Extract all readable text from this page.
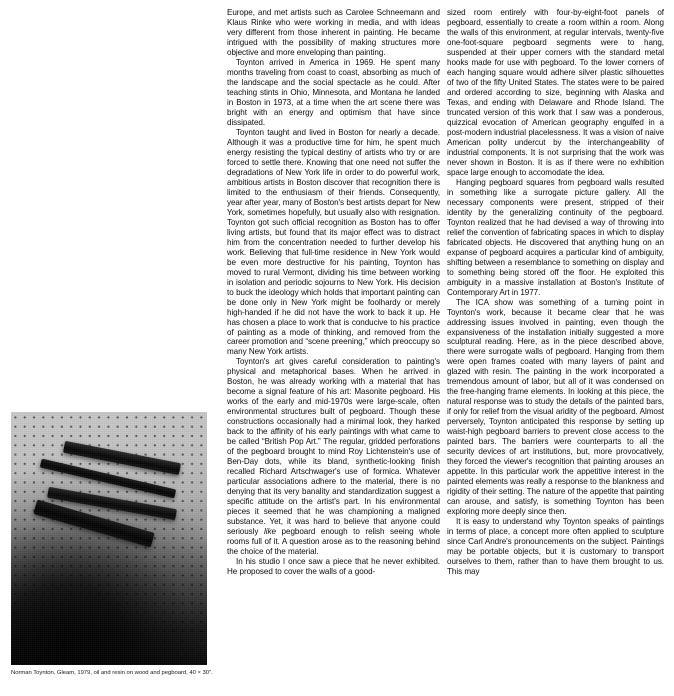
Norman Toynton, Gleam, 1979, oil and resin on wood and pegboard, 40 × 30".

Europe, and met artists such as Carolee Schneemann and Klaus Rinke who were working in media, and with ideas very different from those inherent in painting. He became intrigued with the possibility of making structures more objective and more enveloping than painting.

Toynton arrived in America in 1969. He spent many months traveling from coast to coast, absorbing as much of the landscape and the social spectacle as he could. After teaching stints in Ohio, Minnesota, and Montana he landed in Boston in 1973, at a time when the art scene there was bright with an energy and optimism that have since dissipated.

Toynton taught and lived in Boston for nearly a decade. Although it was a productive time for him, he spent much energy resisting the typical destiny of artists who try or are forced to settle there. Knowing that one need not suffer the degradations of New York life in order to do powerful work, ambitious artists in Boston discover that recognition there is limited to the enthusiasm of their friends. Consequently, year after year, many of Boston's best artists depart for New York, sometimes hopefully, but usually also with resignation. Toynton got such official recognition as Boston has to offer living artists, but found that its major effect was to distract him from the concentration needed to further develop his work. Believing that full-time residence in New York would be even more destructive for his painting, Toynton has moved to rural Vermont, dividing his time between working in isolation and periodic sojourns to New York. His decision to buck the ideology which holds that important painting can be done only in New York might be foolhardy or merely high-handed if he did not have the work to back it up. He has chosen a place to work that is conducive to his practice of painting as a mode of thinking, and removed from the career promotion and “scene preening,” which preoccupy so many New York artists.

Toynton's art gives careful consideration to painting's physical and metaphorical bases. When he arrived in Boston, he was already working with a material that has become a signal feature of his art: Masonite pegboard. His works of the early and mid-1970s were large-scale, often environmental structures built of pegboard. Though these constructions occasionally had a minimal look, they harked back to the affinity of his early paintings with what came to be called “British Pop Art.” The regular, gridded perforations of the pegboard brought to mind Roy Lichtenstein's use of Ben-Day dots, while its bland, synthetic-looking finish recalled Richard Artschwager's use of formica. Whatever particular associations adhere to the material, there is no denying that its very banality and standardization suggest a specific attitude on the artist's part. In his environmental pieces it seemed that he was championing a maligned substance. Yet, it was hard to believe that anyone could seriously like pegboard enough to relish seeing whole rooms full of it. A question arose as to the reasoning behind the choice of the material.

In his studio I once saw a piece that he never exhibited. He proposed to cover the walls of a good-

sized room entirely with four-by-eight-foot panels of pegboard, essentially to create a room within a room. Along the walls of this environment, at regular intervals, twenty-five one-foot-square pegboard segments were to hang, suspended at their upper corners with the standard metal hooks made for use with pegboard. To the lower corners of each hanging square would adhere silver plastic silhouettes of two of the fifty United States. The states were to be paired and ordered according to size, beginning with Alaska and Texas, and ending with Delaware and Rhode Island. The truncated version of this work that I saw was a ponderous, quizzical evocation of American geography engulfed in a post-modern industrial placelessness. It was a vision of naive American polity undercut by the interchangeability of industrial components. It is not surprising that the work was never shown in Boston. It is as if there were no exhibition space large enough to accomodate the idea.

Hanging pegboard squares from pegboard walls resulted in something like a surrogate picture gallery. All the necessary components were present, stripped of their identity by the generalizing continuity of the pegboard. Toynton realized that he had devised a way of throwing into relief the convention of fabricating spaces in which to display fabricated objects. He discovered that anything hung on an expanse of pegboard acquires a particular kind of ambiguity, shifting between a resemblance to something on display and to something being stored off the floor. He exploited this ambiguity in a massive installation at Boston's Institute of Contemporary Art in 1977.

The ICA show was something of a turning point in Toynton's work, because it became clear that he was addressing issues involved in painting, even though the expansiveness of the installation initially suggested a more sculptural reading. Here, as in the piece described above, there were surrogate walls of pegboard. Hanging from them were open frames coated with many layers of paint and glazed with resin. The painting in the work incorporated a tremendous amount of labor, but all of it was condensed on the free-hanging frame elements. In looking at this piece, the natural response was to study the details of the painted bars, if only for relief from the visual aridity of the pegboard. Almost perversely, Toynton anticipated this response by setting up waist-high pegboard barriers to prevent close access to the painted bars. The barriers were counterparts to all the security devices of art institutions, but, more provocatively, they forced the viewer's recognition that painting arouses an appetite. In this particular work the appetitive interest in the painted elements was really a response to the blankness and rigidity of their setting. The nature of the appetite that painting can arouse, and satisfy, is something Toynton has been exploring more deeply since then.

It is easy to understand why Toynton speaks of paintings in terms of place, a concept more often applied to sculpture since Carl Andre's pronouncements on the subject. Paintings may be portable objects, but it is customary to transport ourselves to them, rather than to have them brought to us. This may
